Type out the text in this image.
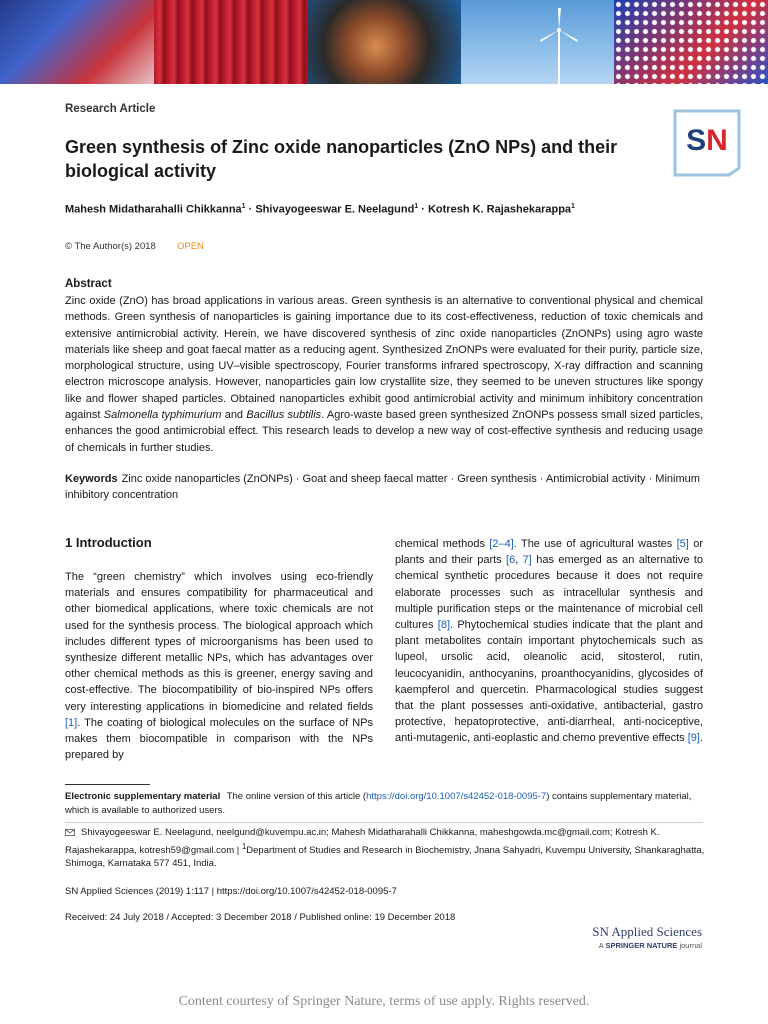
Research Article
Green synthesis of Zinc oxide nanoparticles (ZnO NPs) and their biological activity
SN
Mahesh Midatharahalli Chikkanna$^1$ · Shivayogeeswar E. Neelagund$^1$ · Kotresh K. Rajashekarappa$^1$
© The Author(s) 2018 OPEN
Abstract

Zinc oxide (ZnO) has broad applications in various areas. Green synthesis is an alternative to conventional physical and chemical methods. Green synthesis of nanoparticles is gaining importance due to its cost-effectiveness, reduction of toxic chemicals and extensive antimicrobial activity. Herein, we have discovered synthesis of zinc oxide nanoparticles (ZnONPs) using agro waste materials like sheep and goat faecal matter as a reducing agent. Synthesized ZnONPs were evaluated for their purity, particle size, morphological structure, using UV–visible spectroscopy, Fourier transforms infrared spectroscopy, X-ray diffraction and scanning electron microscope analysis. However, nanoparticles gain low crystallite size, they seemed to be uneven structures like spongy like and flower shaped particles. Obtained nanoparticles exhibit good antimicrobial activity and minimum inhibitory concentration against Salmonella typhimurium and Bacillus subtilis. Agro-waste based green synthesized ZnONPs possess small sized particles, enhances the good antimicrobial effect. This research leads to develop a new way of cost-effective synthesis and reducing usage of chemicals in further studies.

Keywords Zinc oxide nanoparticles (ZnONPs) · Goat and sheep faecal matter · Green synthesis · Antimicrobial activity · Minimum inhibitory concentration

1 Introduction

The “green chemistry” which involves using eco-friendly materials and ensures compatibility for pharmaceutical and other biomedical applications, where toxic chemicals are not used for the synthesis process. The biological approach which includes different types of microorganisms has been used to synthesize different metallic NPs, which has advantages over other chemical methods as this is greener, energy saving and cost-effective. The biocompatibility of bio-inspired NPs offers very interesting applications in biomedicine and related fields [1]. The coating of biological molecules on the surface of NPs makes them biocompatible in comparison with the NPs prepared by

chemical methods [2–4]. The use of agricultural wastes [5] or plants and their parts [6, 7] has emerged as an alternative to chemical synthetic procedures because it does not require elaborate processes such as intracellular synthesis and multiple purification steps or the maintenance of microbial cell cultures [8]. Phytochemical studies indicate that the plant and plant metabolites contain important phytochemicals such as lupeol, ursolic acid, oleanolic acid, sitosterol, rutin, leucocyanidin, anthocyanins, proanthocyanidins, glycosides of kaempferol and quercetin. Pharmacological studies suggest that the plant possesses anti-oxidative, antibacterial, gastro protective, hepatoprotective, anti-diarrheal, anti-nociceptive, anti-mutagenic, anti-eoplastic and chemo preventive effects [9].

Electronic supplementary material The online version of this article (https://doi.org/10.1007/s42452-018-0095-7) contains supplementary material, which is available to authorized users.

Shivayogeeswar E. Neelagund, neelgund@kuvempu.ac.in; Mahesh Midatharahalli Chikkanna, maheshgowda.mc@gmail.com; Kotresh K. Rajashekarappa, kotresh59@gmail.com | $^1$Department of Studies and Research in Biochemistry, Jnana Sahyadri, Kuvempu University, Shankaraghatta, Shimoga, Karnataka 577 451, India.

SN Applied Sciences (2019) 1:117 | https://doi.org/10.1007/s42452-018-0095-7
Received: 24 July 2018 / Accepted: 3 December 2018 / Published online: 19 December 2018
SN Applied Sciences
A SPRINGER NATURE journal
Content courtesy of Springer Nature, terms of use apply. Rights reserved.
